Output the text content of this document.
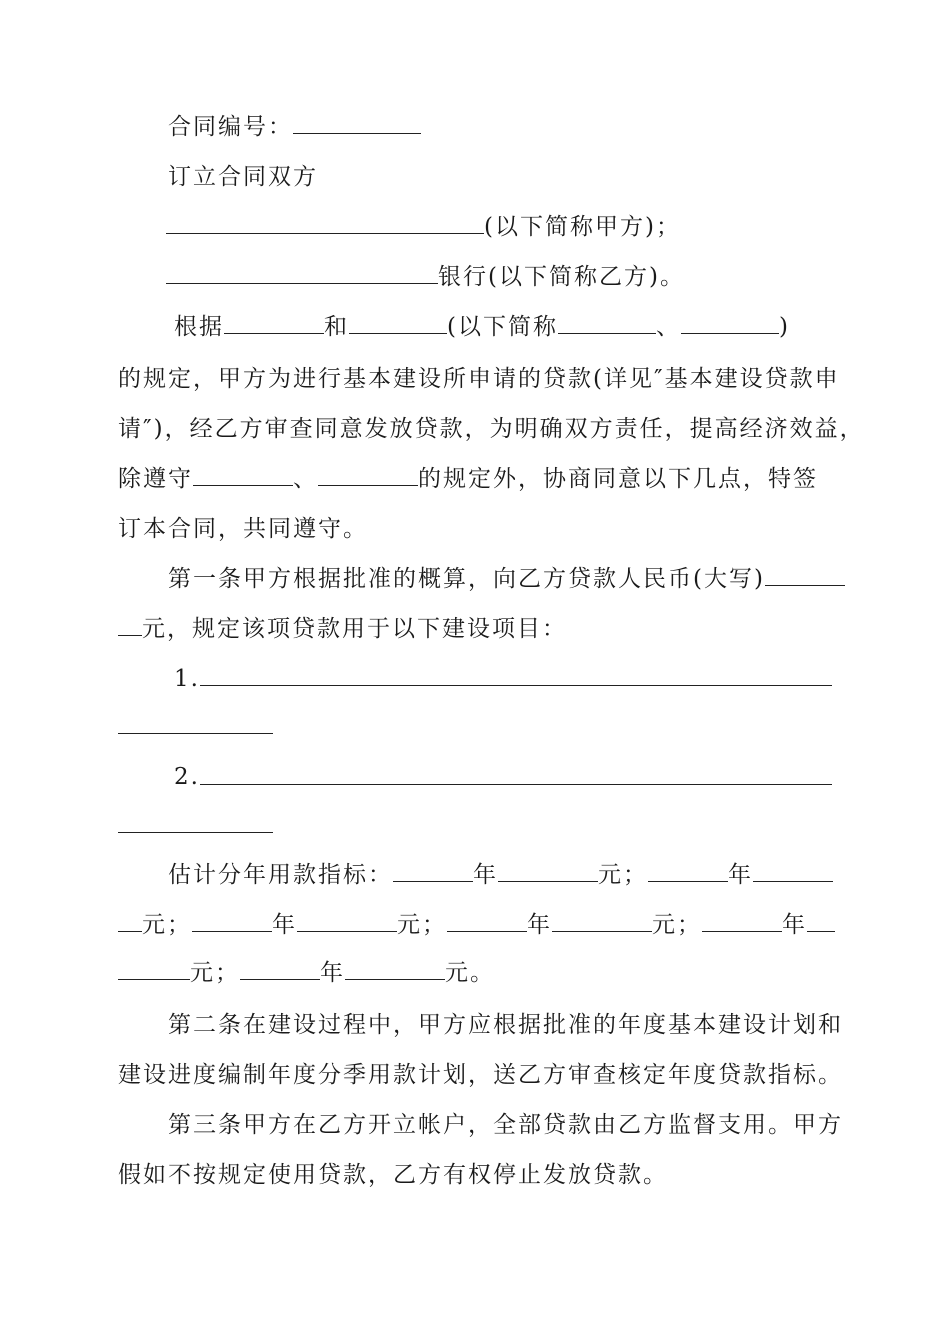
合同编号：
订立合同双方
(以下简称甲方)；
银行(以下简称乙方)。
根据	和	(以下简称	、	)
的规定，甲方为进行基本建设所申请的贷款(详见″基本建设贷款申
请″)，经乙方审查同意发放贷款，为明确双方责任，提高经济效益，
除遵守	、	的规定外，协商同意以下几点，特签
订本合同，共同遵守。
第一条甲方根据批准的概算，向乙方贷款人民币(大写)
元，规定该项贷款用于以下建设项目：
1.
2.
估计分年用款指标：	年	元；	年
元；	年	元；	年	元；	年
元；	年	元。
第二条在建设过程中，甲方应根据批准的年度基本建设计划和
建设进度编制年度分季用款计划，送乙方审查核定年度贷款指标。
第三条甲方在乙方开立帐户，全部贷款由乙方监督支用。甲方
假如不按规定使用贷款，乙方有权停止发放贷款。
